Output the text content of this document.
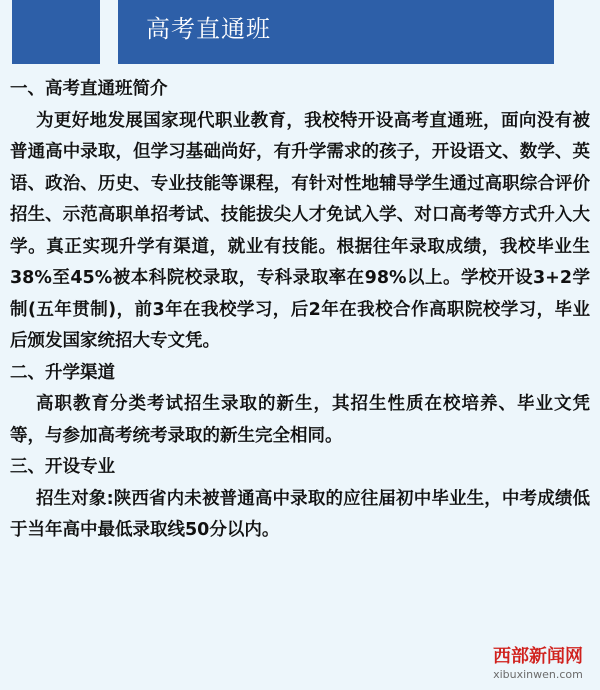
高考直通班

一、高考直通班简介

为更好地发展国家现代职业教育，我校特开设高考直通班，面向没有被普通高中录取，但学习基础尚好，有升学需求的孩子，开设语文、数学、英语、政治、历史、专业技能等课程，有针对性地辅导学生通过高职综合评价招生、示范高职单招考试、技能拔尖人才免试入学、对口高考等方式升入大学。真正实现升学有渠道，就业有技能。根据往年录取成绩，我校毕业生38%至45%被本科院校录取，专科录取率在98%以上。学校开设3+2学制(五年贯制)，前3年在我校学习，后2年在我校合作高职院校学习，毕业后颁发国家统招大专文凭。

二、升学渠道

高职教育分类考试招生录取的新生，其招生性质在校培养、毕业文凭等，与参加高考统考录取的新生完全相同。

三、开设专业

招生对象:陕西省内未被普通高中录取的应往届初中毕业生，中考成绩低于当年高中最低录取线50分以内。

西部新闻网
xibuxinwen.com
